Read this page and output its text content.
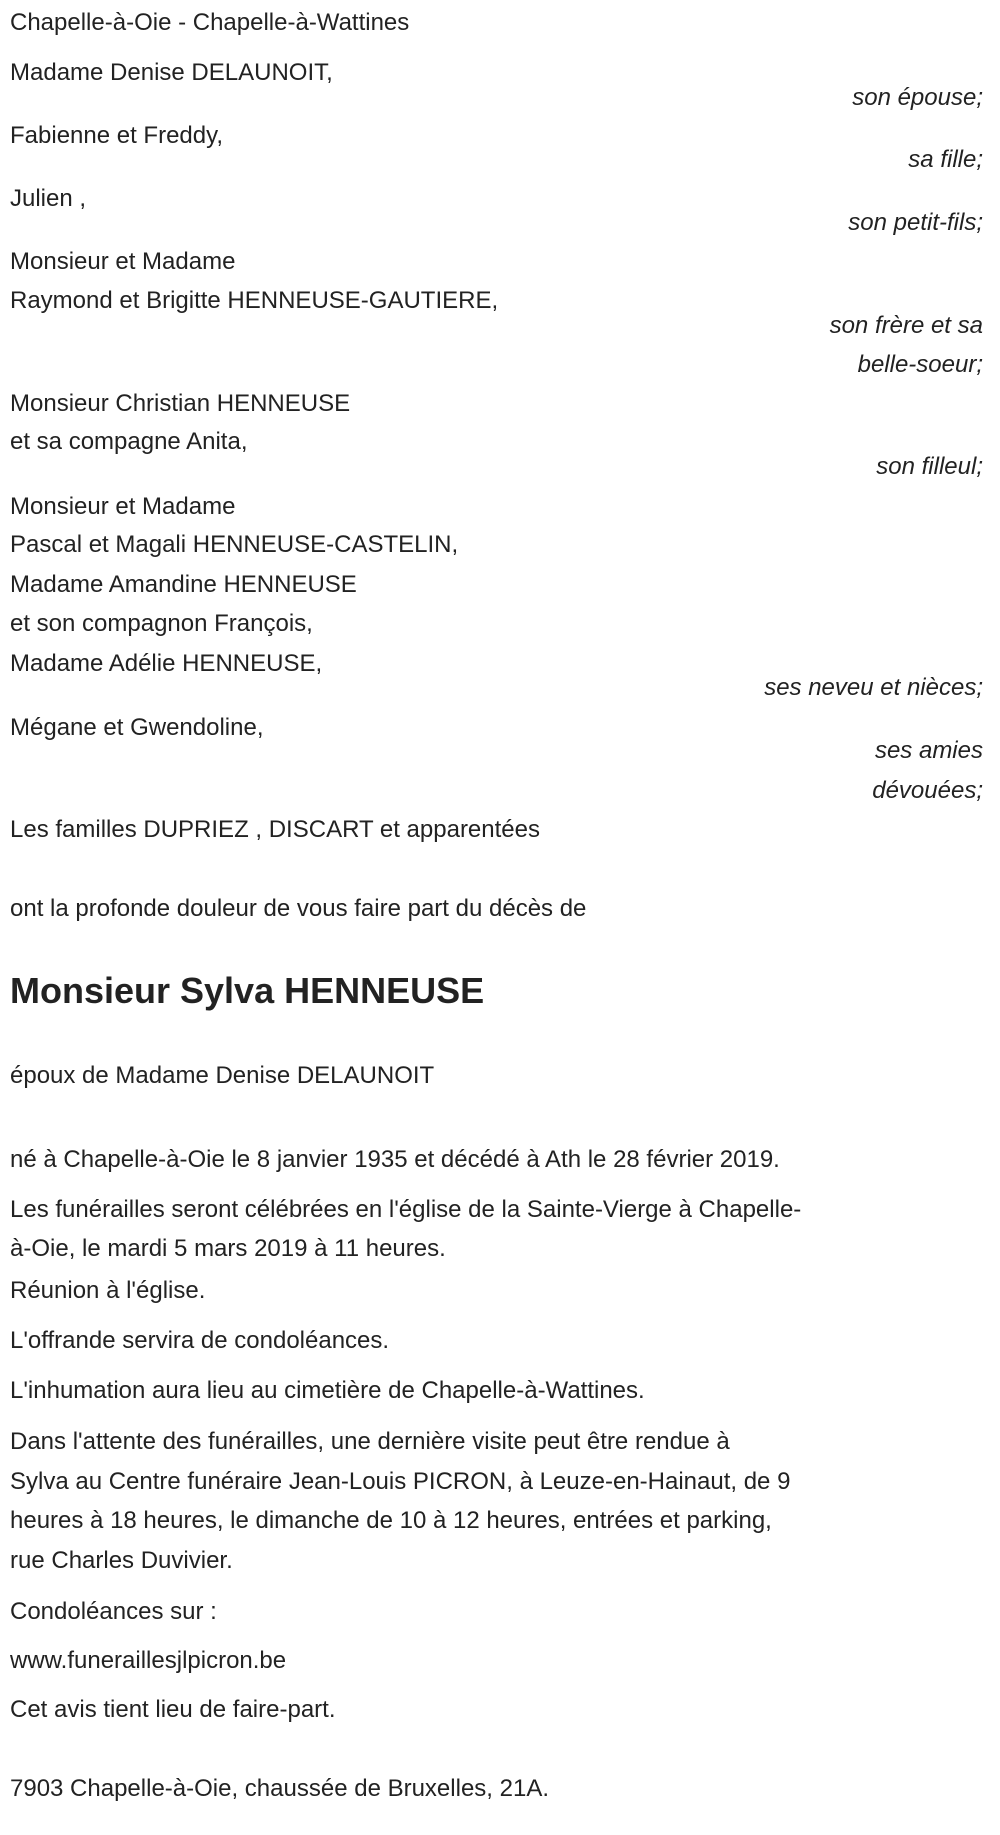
Chapelle-à-Oie - Chapelle-à-Wattines
Madame Denise DELAUNOIT,
son épouse;
Fabienne et Freddy,
sa fille;
Julien ,
son petit-fils;
Monsieur et Madame
Raymond et Brigitte HENNEUSE-GAUTIERE,
son frère et sa
belle-soeur;
Monsieur Christian HENNEUSE
et sa compagne Anita,
son filleul;
Monsieur et Madame
Pascal et Magali HENNEUSE-CASTELIN,
Madame Amandine HENNEUSE
et son compagnon François,
Madame Adélie HENNEUSE,
ses neveu et nièces;
Mégane et Gwendoline,
ses amies
dévouées;
Les familles DUPRIEZ , DISCART et apparentées
ont la profonde douleur de vous faire part du décès de
Monsieur Sylva HENNEUSE
époux de Madame Denise DELAUNOIT
né à Chapelle-à-Oie le 8 janvier 1935 et décédé à Ath le 28 février 2019.
Les funérailles seront célébrées en l'église de la Sainte-Vierge à Chapelle-
à-Oie, le mardi 5 mars 2019 à 11 heures.
Réunion à l'église.
L'offrande servira de condoléances.
L'inhumation aura lieu au cimetière de Chapelle-à-Wattines.
Dans l'attente des funérailles, une dernière visite peut être rendue à
Sylva au Centre funéraire Jean-Louis PICRON, à Leuze-en-Hainaut, de 9
heures à 18 heures, le dimanche de 10 à 12 heures, entrées et parking,
rue Charles Duvivier.
Condoléances sur :
www.funeraillesjlpicron.be
Cet avis tient lieu de faire-part.
7903 Chapelle-à-Oie, chaussée de Bruxelles, 21A.
